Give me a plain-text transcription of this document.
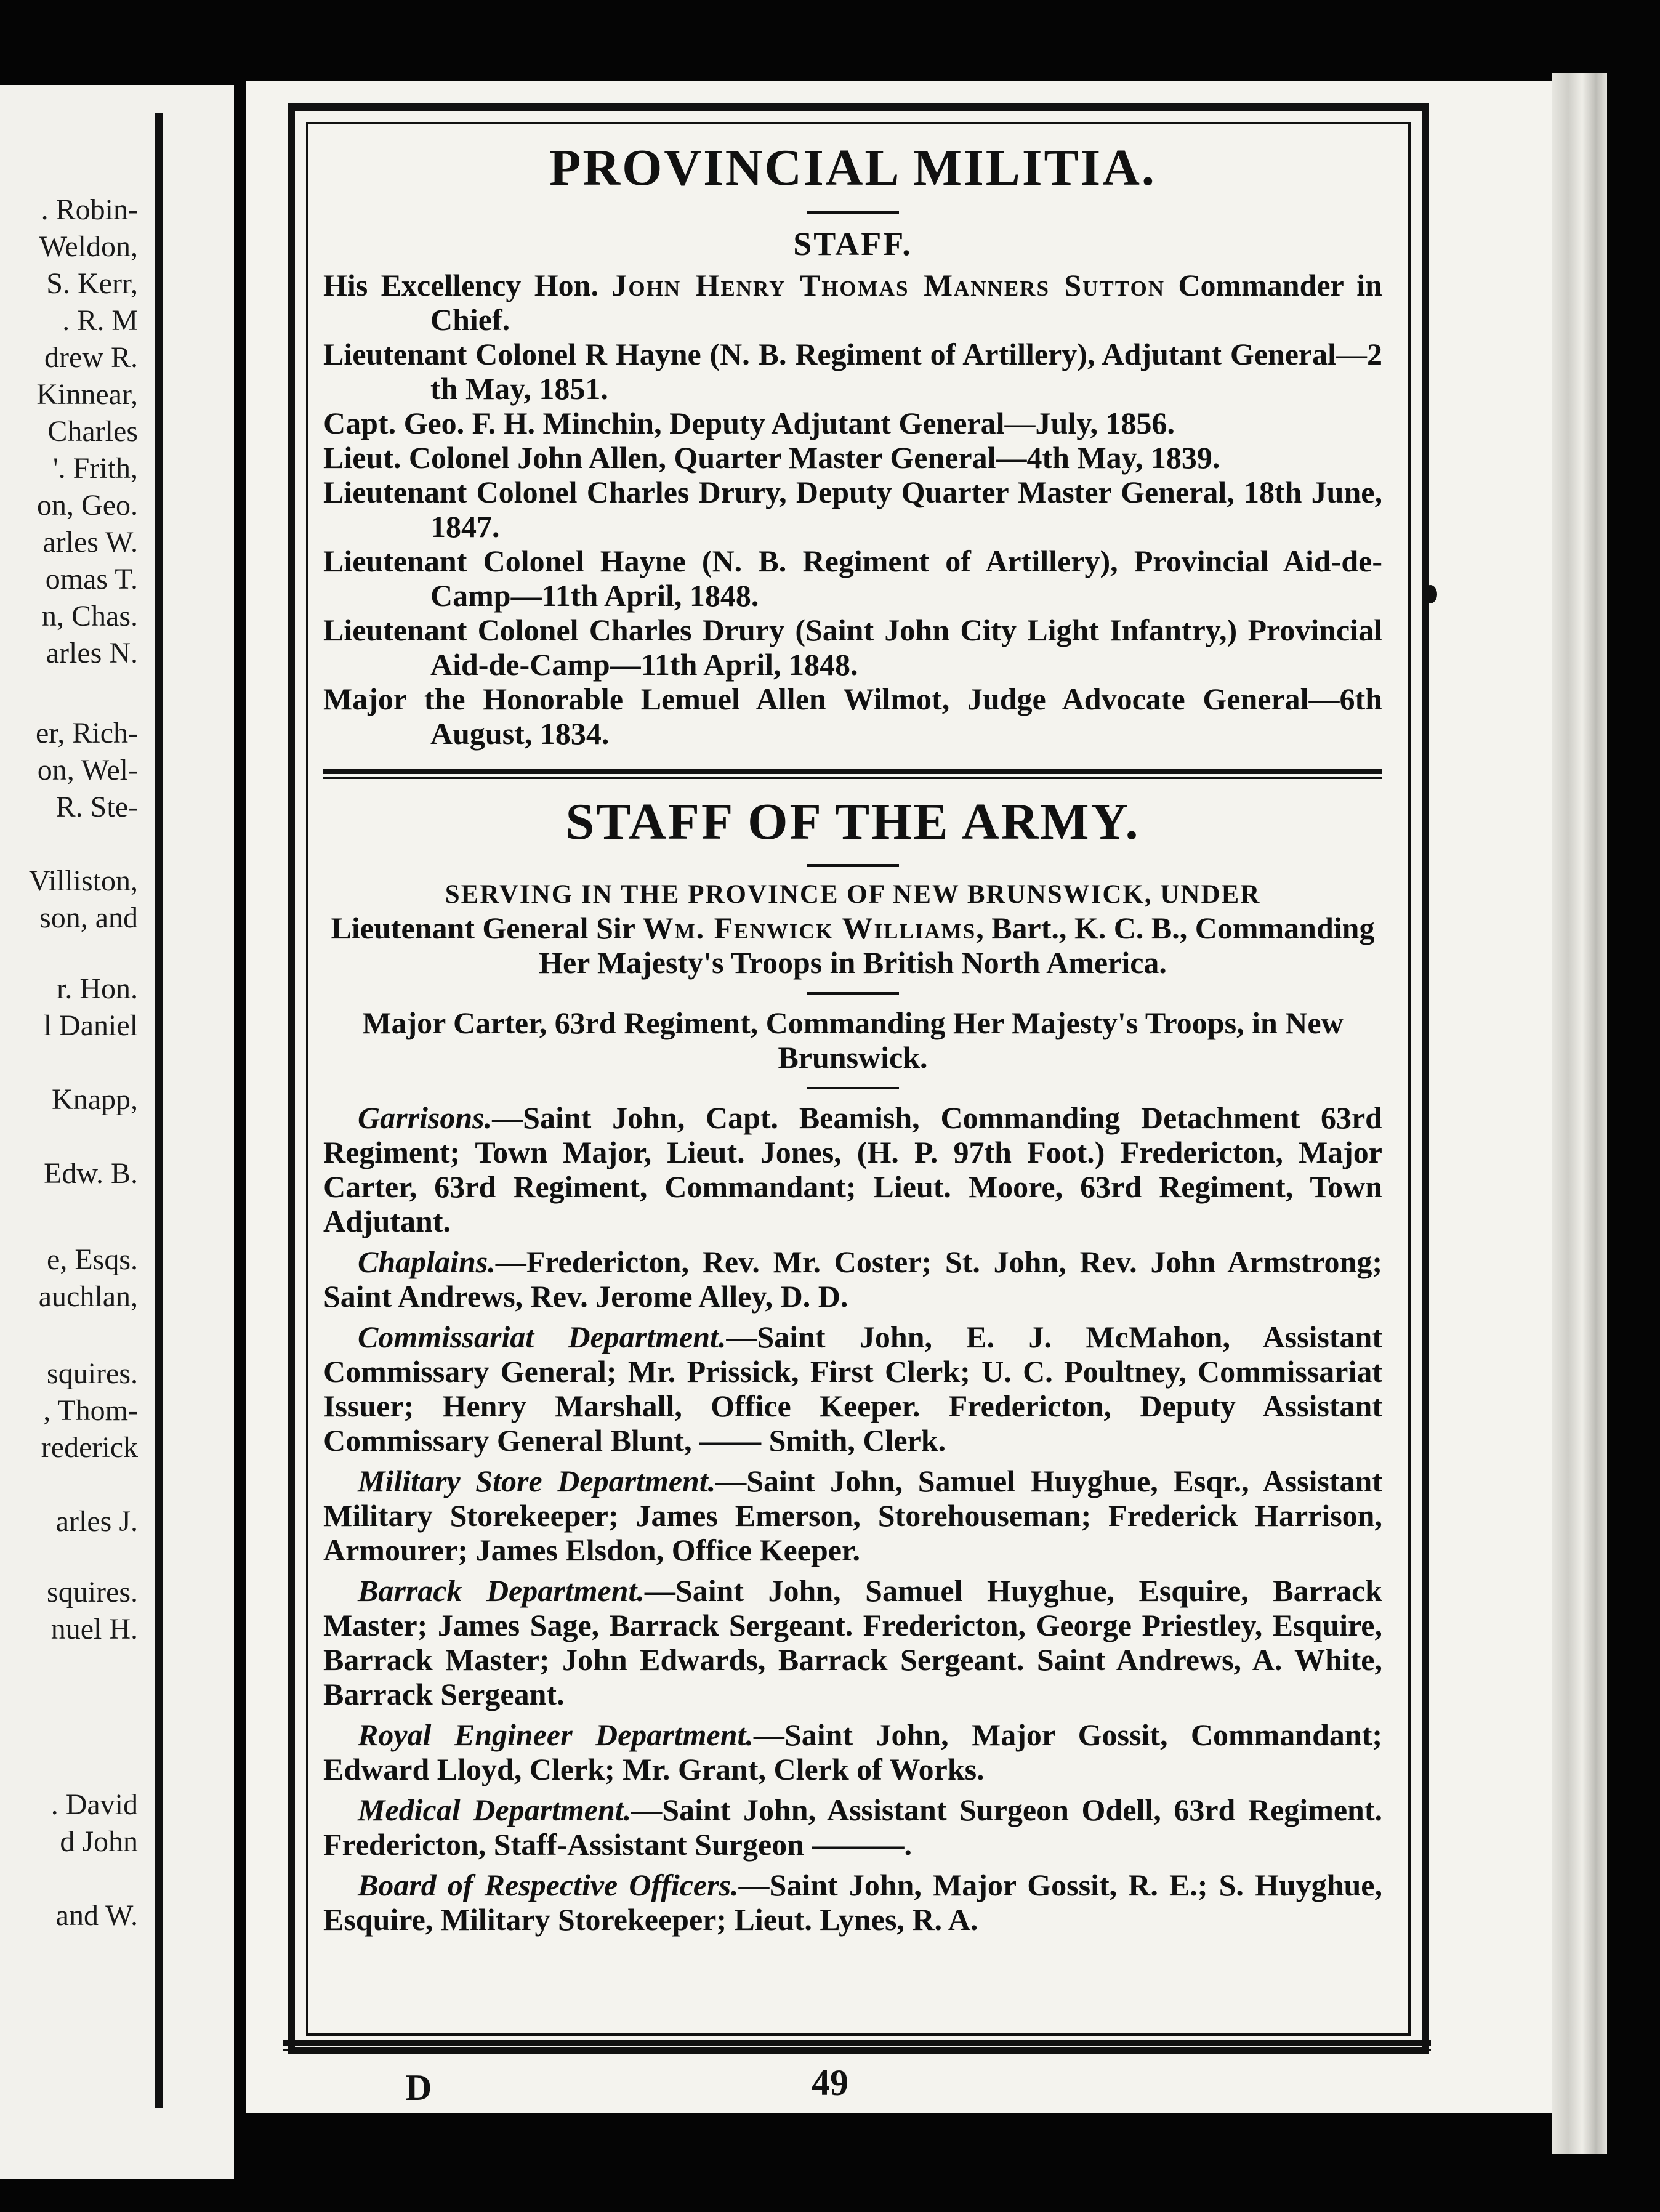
. Robin-
Weldon,
S. Kerr,
. R. M
drew R.
Kinnear,
Charles
'. Frith,
on, Geo.
arles W.
omas T.
n, Chas.
arles N.
er, Rich-
on, Wel-
R. Ste-
Villiston,
son, and
r. Hon.
l Daniel
Knapp,
Edw. B.
e, Esqs.
auchlan,
squires.
, Thom-
rederick
arles J.
squires.
nuel H.
. David
d John
and W.
PROVINCIAL MILITIA.
STAFF.

His Excellency Hon. John Henry Thomas Manners Sutton Commander in Chief.

Lieutenant Colonel R Hayne (N. B. Regiment of Artillery), Adjutant General—2 th May, 1851.

Capt. Geo. F. H. Minchin, Deputy Adjutant General—July, 1856.

Lieut. Colonel John Allen, Quarter Master General—4th May, 1839.

Lieutenant Colonel Charles Drury, Deputy Quarter Master General, 18th June, 1847.

Lieutenant Colonel Hayne (N. B. Regiment of Artillery), Provincial Aid-de-Camp—11th April, 1848.

Lieutenant Colonel Charles Drury (Saint John City Light Infantry,) Provincial Aid-de-Camp—11th April, 1848.

Major the Honorable Lemuel Allen Wilmot, Judge Advocate General—6th August, 1834.

STAFF OF THE ARMY.
SERVING IN THE PROVINCE OF NEW BRUNSWICK, UNDER

Lieutenant General Sir Wm. Fenwick Williams, Bart., K. C. B., Commanding Her Majesty's Troops in British North America.

Major Carter, 63rd Regiment, Commanding Her Majesty's Troops, in New Brunswick.

Garrisons.—Saint John, Capt. Beamish, Commanding Detachment 63rd Regiment; Town Major, Lieut. Jones, (H. P. 97th Foot.) Fredericton, Major Carter, 63rd Regiment, Commandant; Lieut. Moore, 63rd Regiment, Town Adjutant.

Chaplains.—Fredericton, Rev. Mr. Coster; St. John, Rev. John Armstrong; Saint Andrews, Rev. Jerome Alley, D. D.

Commissariat Department.—Saint John, E. J. McMahon, Assistant Commissary General; Mr. Prissick, First Clerk; U. C. Poultney, Commissariat Issuer; Henry Marshall, Office Keeper. Fredericton, Deputy Assistant Commissary General Blunt, —— Smith, Clerk.

Military Store Department.—Saint John, Samuel Huyghue, Esqr., Assistant Military Storekeeper; James Emerson, Storehouseman; Frederick Harrison, Armourer; James Elsdon, Office Keeper.

Barrack Department.—Saint John, Samuel Huyghue, Esquire, Barrack Master; James Sage, Barrack Sergeant. Fredericton, George Priestley, Esquire, Barrack Master; John Edwards, Barrack Sergeant. Saint Andrews, A. White, Barrack Sergeant.

Royal Engineer Department.—Saint John, Major Gossit, Commandant; Edward Lloyd, Clerk; Mr. Grant, Clerk of Works.

Medical Department.—Saint John, Assistant Surgeon Odell, 63rd Regiment. Fredericton, Staff-Assistant Surgeon ———.

Board of Respective Officers.—Saint John, Major Gossit, R. E.; S. Huyghue, Esquire, Military Storekeeper; Lieut. Lynes, R. A.

D	49
